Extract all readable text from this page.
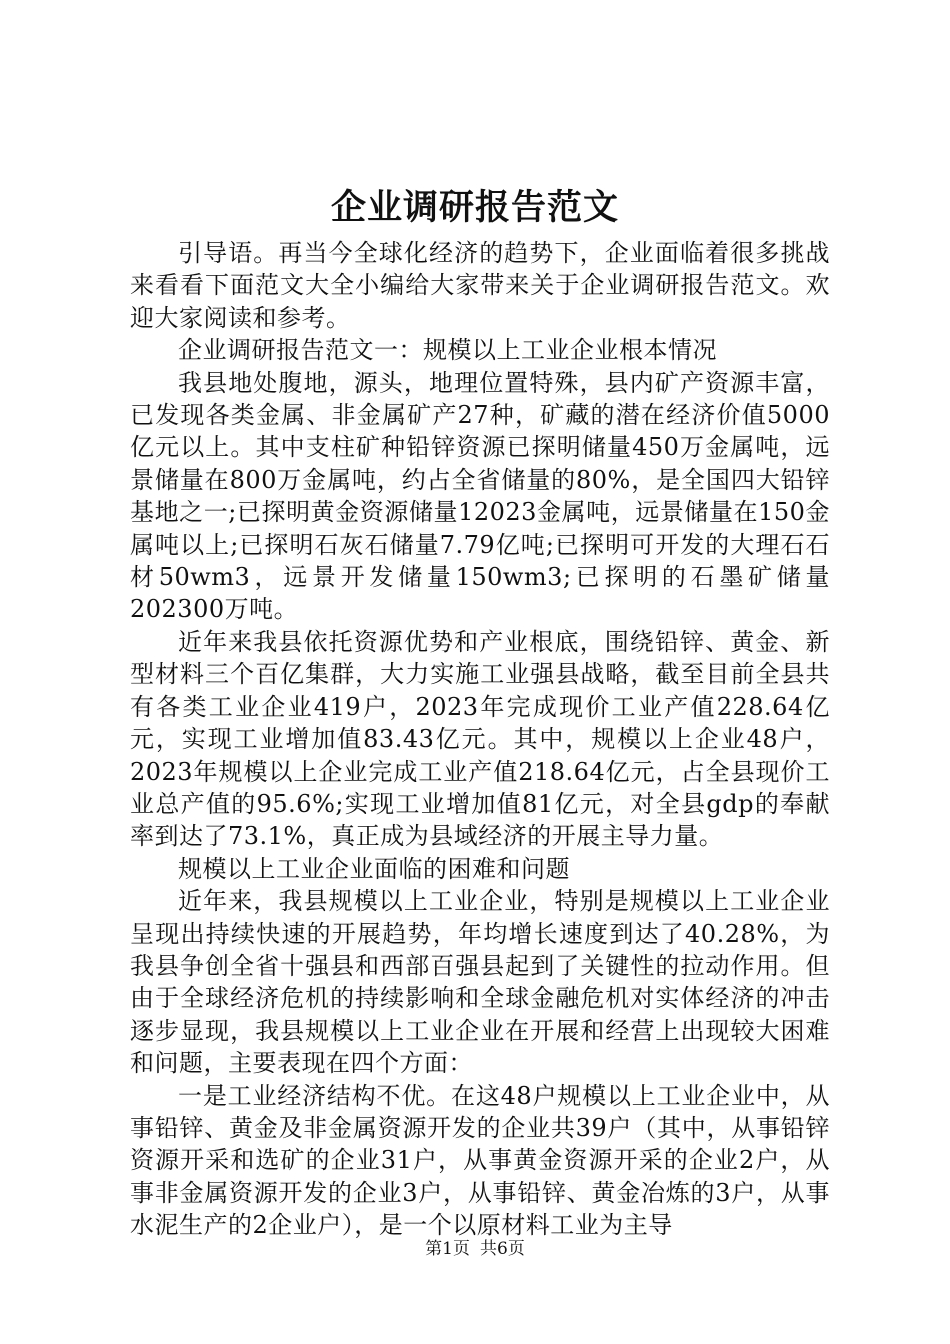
企业调研报告范文

引导语。再当今全球化经济的趋势下，企业面临着很多挑战来看看下面范文大全小编给大家带来关于企业调研报告范文。欢迎大家阅读和参考。

企业调研报告范文一：规模以上工业企业根本情况

我县地处腹地，源头，地理位置特殊，县内矿产资源丰富，已发现各类金属、非金属矿产27种，矿藏的潜在经济价值5000亿元以上。其中支柱矿种铅锌资源已探明储量450万金属吨，远景储量在800万金属吨，约占全省储量的80%，是全国四大铅锌基地之一;已探明黄金资源储量12023金属吨，远景储量在150金属吨以上;已探明石灰石储量7.79亿吨;已探明可开发的大理石石材50wm3，远景开发储量150wm3;已探明的石墨矿储量202300万吨。

近年来我县依托资源优势和产业根底，围绕铅锌、黄金、新型材料三个百亿集群，大力实施工业强县战略，截至目前全县共有各类工业企业419户，2023年完成现价工业产值228.64亿元，实现工业增加值83.43亿元。其中，规模以上企业48户，2023年规模以上企业完成工业产值218.64亿元，占全县现价工业总产值的95.6%;实现工业增加值81亿元，对全县gdp的奉献率到达了73.1%，真正成为县域经济的开展主导力量。

规模以上工业企业面临的困难和问题

近年来，我县规模以上工业企业，特别是规模以上工业企业呈现出持续快速的开展趋势，年均增长速度到达了40.28%，为我县争创全省十强县和西部百强县起到了关键性的拉动作用。但由于全球经济危机的持续影响和全球金融危机对实体经济的冲击逐步显现，我县规模以上工业企业在开展和经营上出现较大困难和问题，主要表现在四个方面：

一是工业经济结构不优。在这48户规模以上工业企业中，从事铅锌、黄金及非金属资源开发的企业共39户（其中，从事铅锌资源开采和选矿的企业31户，从事黄金资源开采的企业2户，从事非金属资源开发的企业3户，从事铅锌、黄金冶炼的3户，从事水泥生产的2企业户），是一个以原材料工业为主导

第1页 共6页
